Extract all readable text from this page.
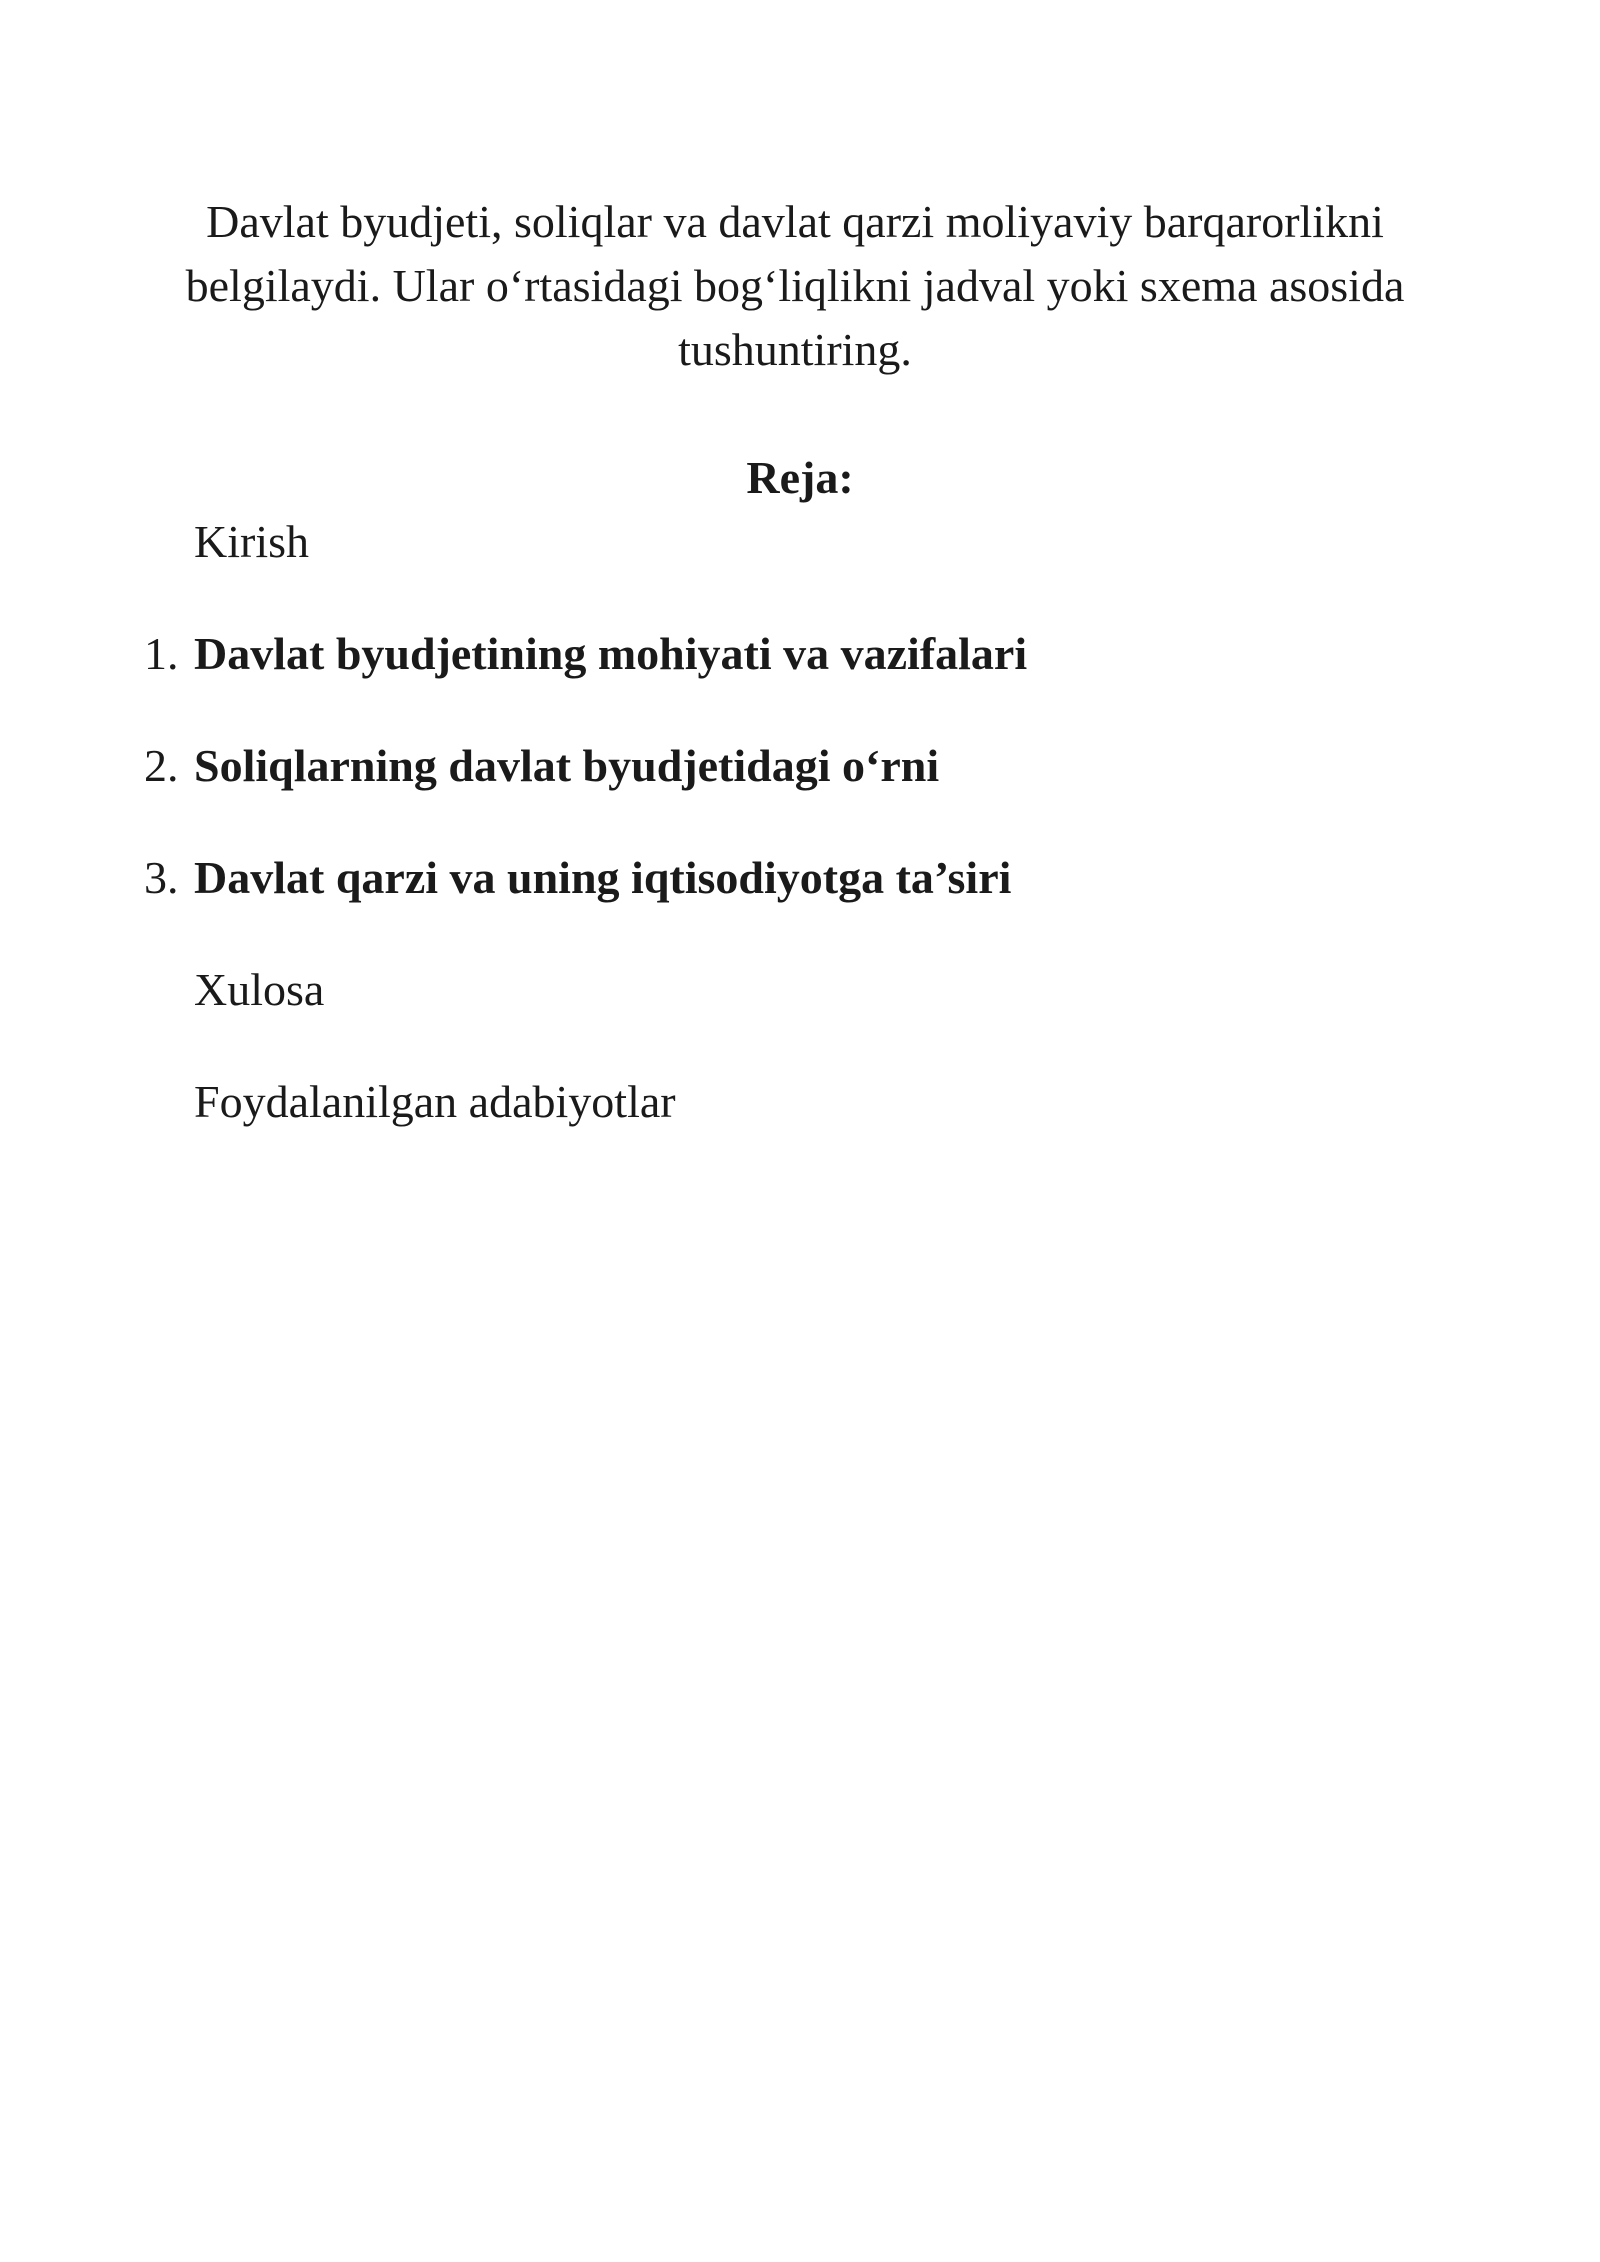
Davlat byudjeti, soliqlar va davlat qarzi moliyaviy barqarorlikni belgilaydi. Ular o‘rtasidagi bog‘liqlikni jadval yoki sxema asosida tushuntiring.

Reja:
Kirish
1. Davlat byudjetining mohiyati va vazifalari
2. Soliqlarning davlat byudjetidagi o‘rni
3. Davlat qarzi va uning iqtisodiyotga ta’siri
Xulosa
Foydalanilgan adabiyotlar
